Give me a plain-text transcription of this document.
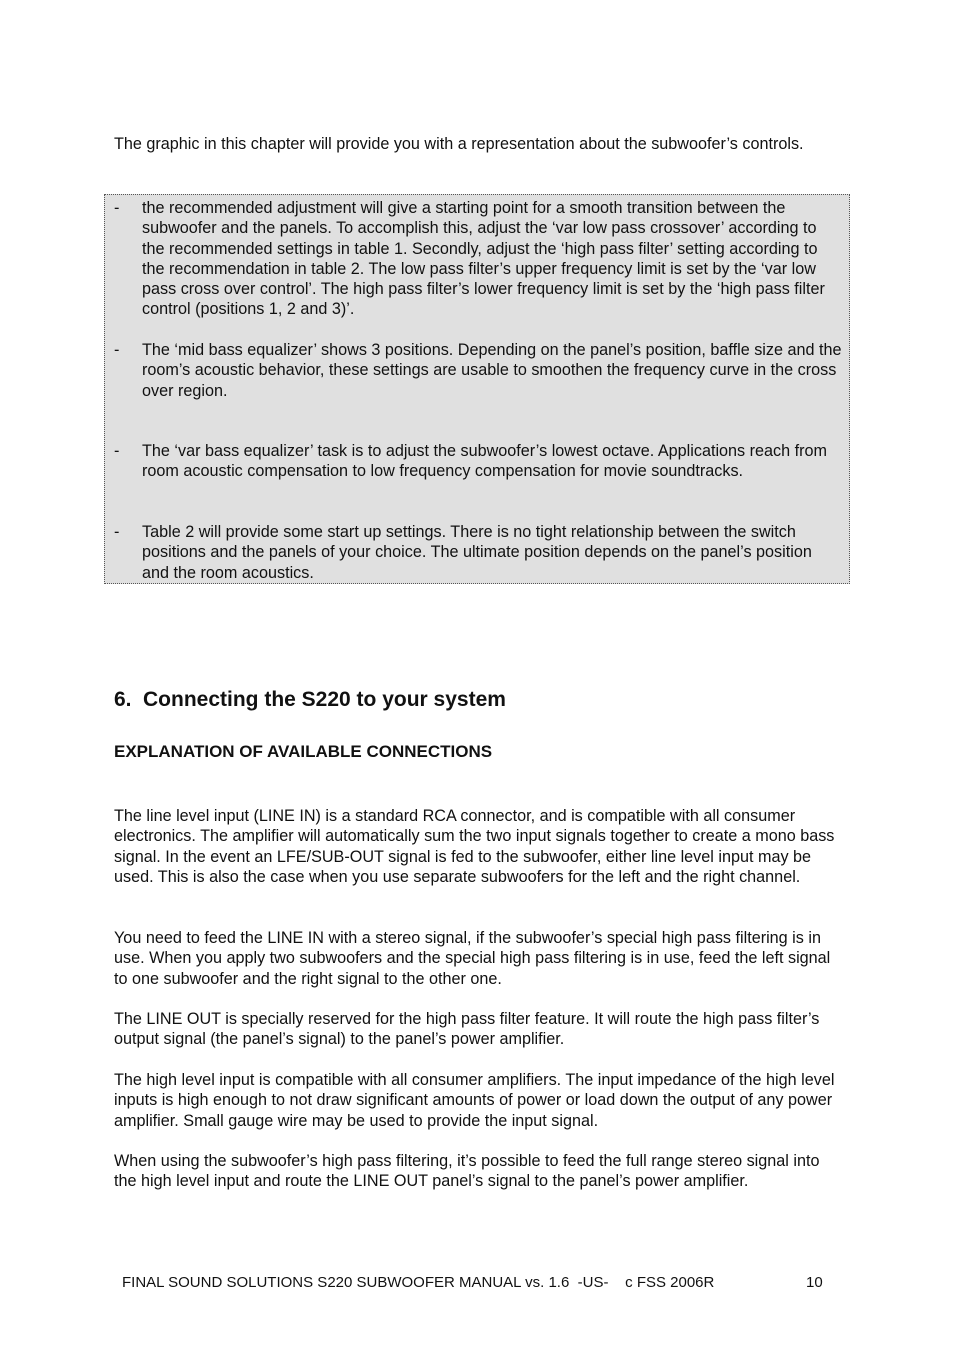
The graphic in this chapter will provide you with a representation about the subwoofer’s controls.

- the recommended adjustment will give a starting point for a smooth transition between the subwoofer and the panels. To accomplish this, adjust the ‘var low pass crossover’ according to the recommended settings in table 1. Secondly, adjust the ‘high pass filter’ setting according to the recommendation in table 2. The low pass filter’s upper frequency limit is set by the ‘var low pass cross over control’. The high pass filter’s lower frequency limit is set by the ‘high pass filter control (positions 1, 2 and 3)’.
- The ‘mid bass equalizer’ shows 3 positions. Depending on the panel’s position, baffle size and the room’s acoustic behavior, these settings are usable to smoothen the frequency curve in the cross over region.
- The ‘var bass equalizer’ task is to adjust the subwoofer’s lowest octave. Applications reach from room acoustic compensation to low frequency compensation for movie soundtracks.
- Table 2 will provide some start up settings. There is no tight relationship between the switch positions and the panels of your choice. The ultimate position depends on the panel’s position and the room acoustics.
6. Connecting the S220 to your system
EXPLANATION OF AVAILABLE CONNECTIONS

The line level input (LINE IN) is a standard RCA connector, and is compatible with all consumer electronics. The amplifier will automatically sum the two input signals together to create a mono bass signal. In the event an LFE/SUB-OUT signal is fed to the subwoofer, either line level input may be used. This is also the case when you use separate subwoofers for the left and the right channel.

You need to feed the LINE IN with a stereo signal, if the subwoofer’s special high pass filtering is in use. When you apply two subwoofers and the special high pass filtering is in use, feed the left signal to one subwoofer and the right signal to the other one.

The LINE OUT is specially reserved for the high pass filter feature. It will route the high pass filter’s output signal (the panel’s signal) to the panel’s power amplifier.

The high level input is compatible with all consumer amplifiers. The input impedance of the high level inputs is high enough to not draw significant amounts of power or load down the output of any power amplifier. Small gauge wire may be used to provide the input signal.

When using the subwoofer’s high pass filtering, it’s possible to feed the full range stereo signal into the high level input and route the LINE OUT panel’s signal to the panel’s power amplifier.

FINAL SOUND SOLUTIONS S220 SUBWOOFER MANUAL vs. 1.6  -US-    c FSS 2006R	10
